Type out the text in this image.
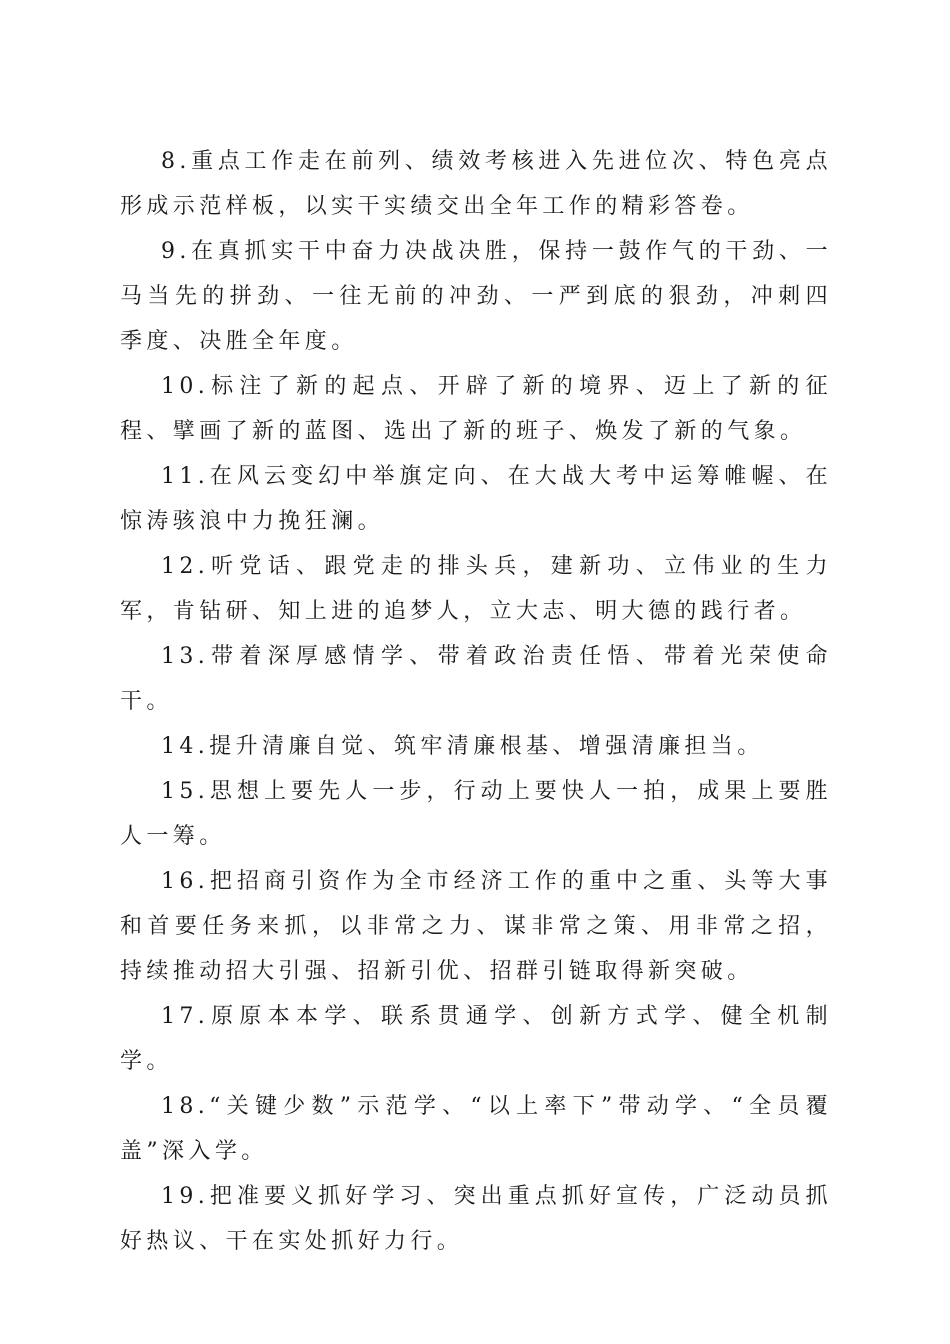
8.重点工作走在前列、绩效考核进入先进位次、特色亮点形成示范样板，以实干实绩交出全年工作的精彩答卷。

9.在真抓实干中奋力决战决胜，保持一鼓作气的干劲、一马当先的拼劲、一往无前的冲劲、一严到底的狠劲，冲刺四季度、决胜全年度。

10.标注了新的起点、开辟了新的境界、迈上了新的征程、擘画了新的蓝图、选出了新的班子、焕发了新的气象。

11.在风云变幻中举旗定向、在大战大考中运筹帷幄、在惊涛骇浪中力挽狂澜。

12.听党话、跟党走的排头兵，建新功、立伟业的生力军，肯钻研、知上进的追梦人，立大志、明大德的践行者。

13.带着深厚感情学、带着政治责任悟、带着光荣使命干。

14.提升清廉自觉、筑牢清廉根基、增强清廉担当。

15.思想上要先人一步，行动上要快人一拍，成果上要胜人一筹。

16.把招商引资作为全市经济工作的重中之重、头等大事和首要任务来抓，以非常之力、谋非常之策、用非常之招，持续推动招大引强、招新引优、招群引链取得新突破。

17.原原本本学、联系贯通学、创新方式学、健全机制学。

18.“关键少数”示范学、“以上率下”带动学、“全员覆盖”深入学。

19.把准要义抓好学习、突出重点抓好宣传，广泛动员抓好热议、干在实处抓好力行。
